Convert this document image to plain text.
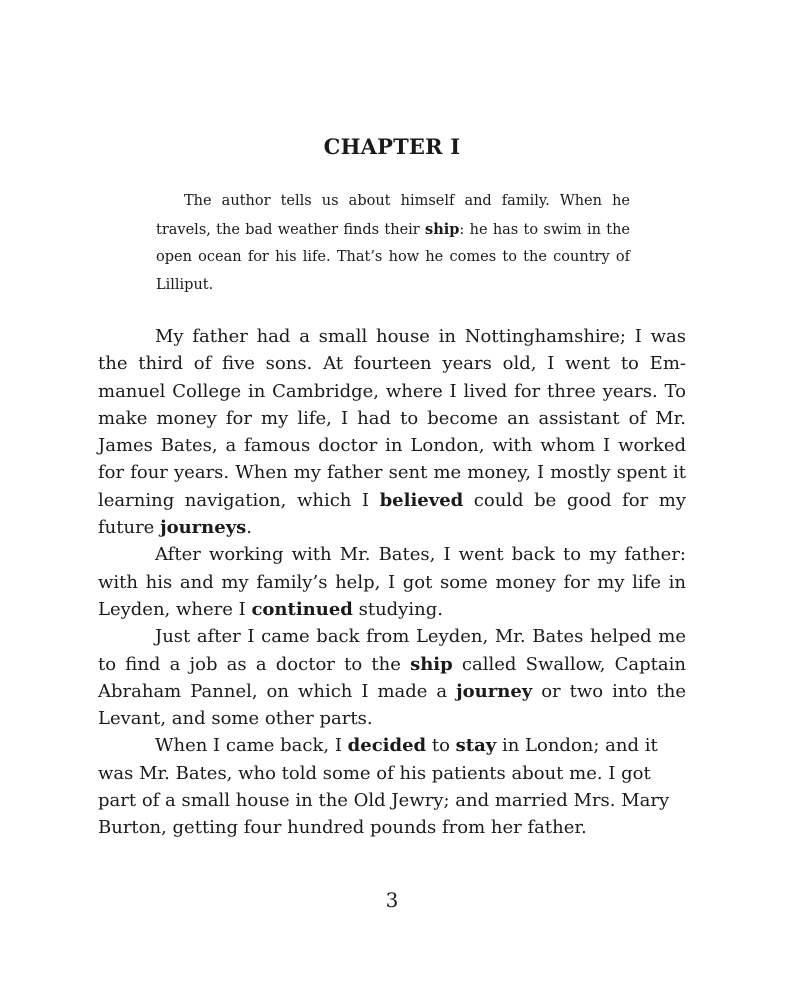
CHAPTER I

The author tells us about himself and family. When he travels, the bad weather finds their ship: he has to swim in the open ocean for his life. That’s how he comes to the country of Lilliput.

My father had a small house in Nottinghamshire; I was the third of five sons. At fourteen years old, I went to Emmanuel College in Cambridge, where I lived for three years. To make money for my life, I had to become an assistant of Mr. James Bates, a famous doctor in London, with whom I worked for four years. When my father sent me money, I mostly spent it learning navigation, which I believed could be good for my future journeys.

After working with Mr. Bates, I went back to my father: with his and my family’s help, I got some money for my life in Leyden, where I continued studying.

Just after I came back from Leyden, Mr. Bates helped me to find a job as a doctor to the ship called Swallow, Captain Abraham Pannel, on which I made a journey or two into the Levant, and some other parts.

When I came back, I decided to stay in London; and it was Mr. Bates, who told some of his patients about me. I got part of a small house in the Old Jewry; and married Mrs. Mary Burton, getting four hundred pounds from her father.

3
